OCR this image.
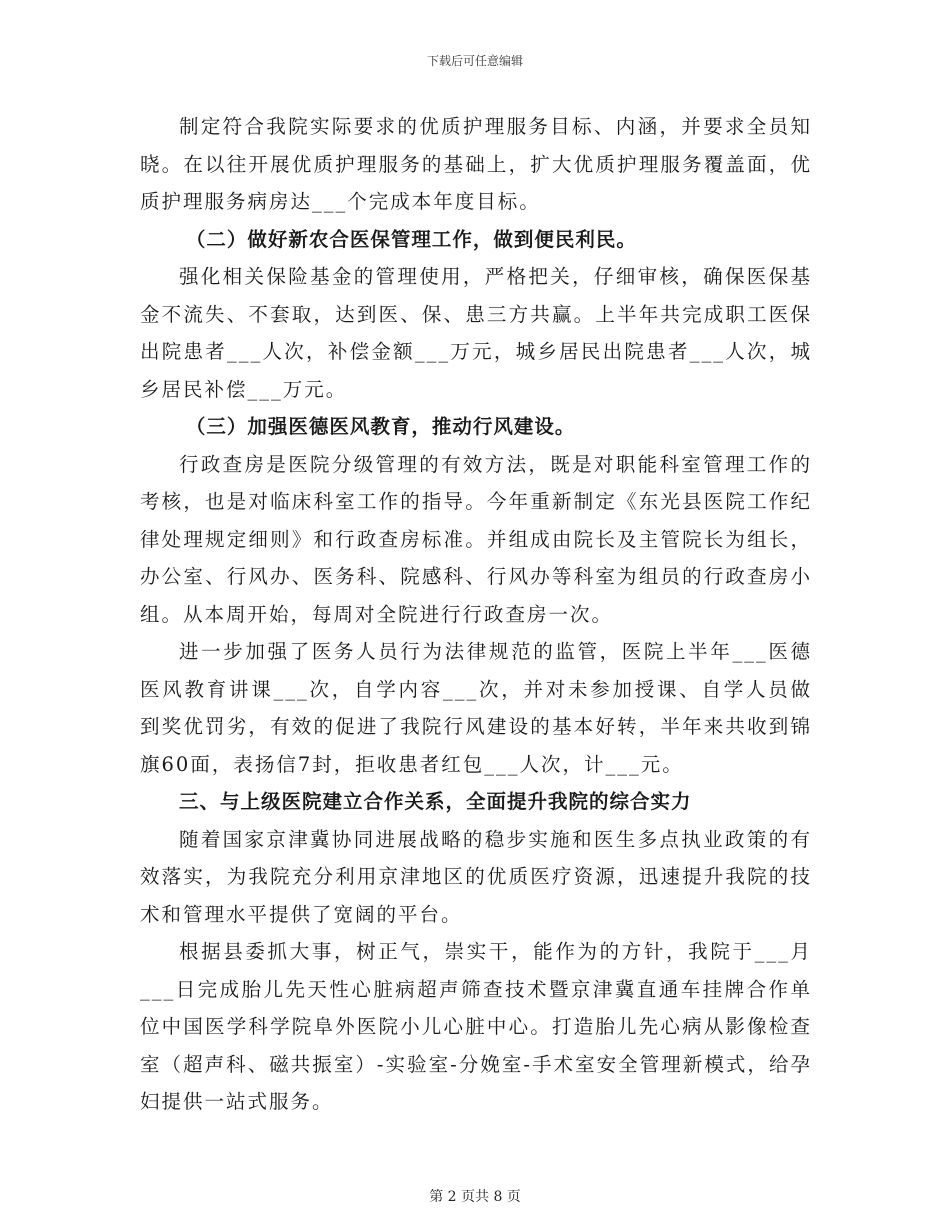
下载后可任意编辑

制定符合我院实际要求的优质护理服务目标、内涵，并要求全员知晓。在以往开展优质护理服务的基础上，扩大优质护理服务覆盖面，优质护理服务病房达___个完成本年度目标。

（二）做好新农合医保管理工作，做到便民利民。

强化相关保险基金的管理使用，严格把关，仔细审核，确保医保基金不流失、不套取，达到医、保、患三方共赢。上半年共完成职工医保出院患者___人次，补偿金额___万元，城乡居民出院患者___人次，城乡居民补偿___万元。

（三）加强医德医风教育，推动行风建设。

行政查房是医院分级管理的有效方法，既是对职能科室管理工作的考核，也是对临床科室工作的指导。今年重新制定《东光县医院工作纪律处理规定细则》和行政查房标准。并组成由院长及主管院长为组长，办公室、行风办、医务科、院感科、行风办等科室为组员的行政查房小组。从本周开始，每周对全院进行行政查房一次。

进一步加强了医务人员行为法律规范的监管，医院上半年___医德医风教育讲课___次，自学内容___次，并对未参加授课、自学人员做到奖优罚劣，有效的促进了我院行风建设的基本好转，半年来共收到锦旗60面，表扬信7封，拒收患者红包___人次，计___元。

三、与上级医院建立合作关系，全面提升我院的综合实力

随着国家京津冀协同进展战略的稳步实施和医生多点执业政策的有效落实，为我院充分利用京津地区的优质医疗资源，迅速提升我院的技术和管理水平提供了宽阔的平台。

根据县委抓大事，树正气，崇实干，能作为的方针，我院于___月___日完成胎儿先天性心脏病超声筛查技术暨京津冀直通车挂牌合作单位中国医学科学院阜外医院小儿心脏中心。打造胎儿先心病从影像检查室（超声科、磁共振室）-实验室-分娩室-手术室安全管理新模式，给孕妇提供一站式服务。

第 2 页共 8 页
